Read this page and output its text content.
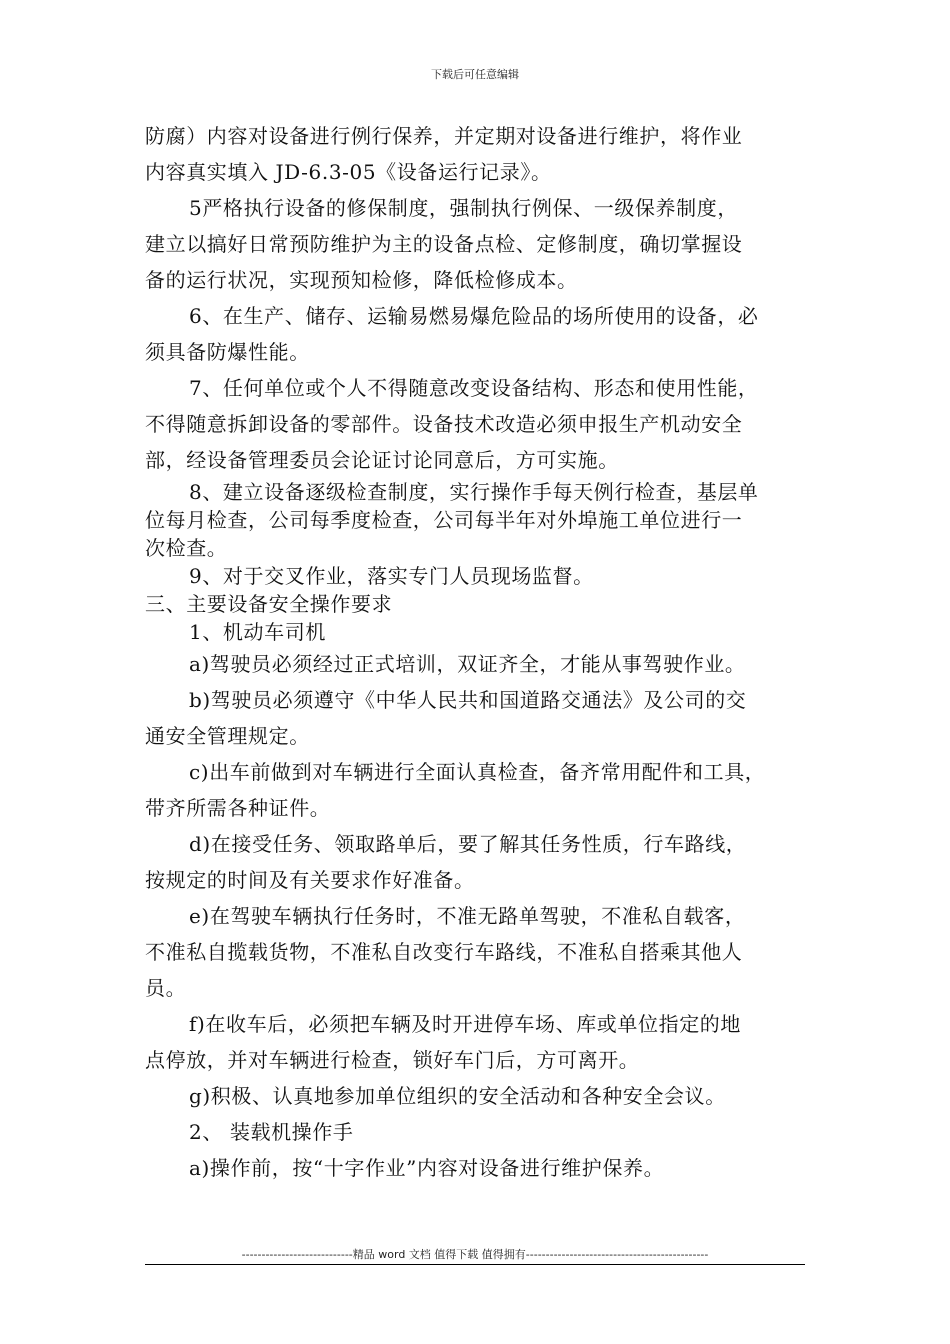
下载后可任意编辑
防腐）内容对设备进行例行保养，并定期对设备进行维护，将作业
内容真实填入 JD-6.3-05《设备运行记录》。
5严格执行设备的修保制度，强制执行例保、一级保养制度，
建立以搞好日常预防维护为主的设备点检、定修制度，确切掌握设
备的运行状况，实现预知检修，降低检修成本。
6、在生产、储存、运输易燃易爆危险品的场所使用的设备，必
须具备防爆性能。
7、任何单位或个人不得随意改变设备结构、形态和使用性能，
不得随意拆卸设备的零部件。设备技术改造必须申报生产机动安全
部，经设备管理委员会论证讨论同意后，方可实施。
8、建立设备逐级检查制度，实行操作手每天例行检查，基层单
位每月检查，公司每季度检查，公司每半年对外埠施工单位进行一
次检查。
9、对于交叉作业，落实专门人员现场监督。
三、主要设备安全操作要求
1、机动车司机
a)驾驶员必须经过正式培训，双证齐全，才能从事驾驶作业。
b)驾驶员必须遵守《中华人民共和国道路交通法》及公司的交
通安全管理规定。
c)出车前做到对车辆进行全面认真检查，备齐常用配件和工具，
带齐所需各种证件。
d)在接受任务、领取路单后，要了解其任务性质，行车路线，
按规定的时间及有关要求作好准备。
e)在驾驶车辆执行任务时，不准无路单驾驶，不准私自载客，
不准私自揽载货物，不准私自改变行车路线，不准私自搭乘其他人
员。
f)在收车后，必须把车辆及时开进停车场、库或单位指定的地
点停放，并对车辆进行检查，锁好车门后，方可离开。
g)积极、认真地参加单位组织的安全活动和各种安全会议。
2、 装载机操作手
a)操作前，按“十字作业”内容对设备进行维护保养。
----------------------------精品 word 文档 值得下载 值得拥有----------------------------------------------
